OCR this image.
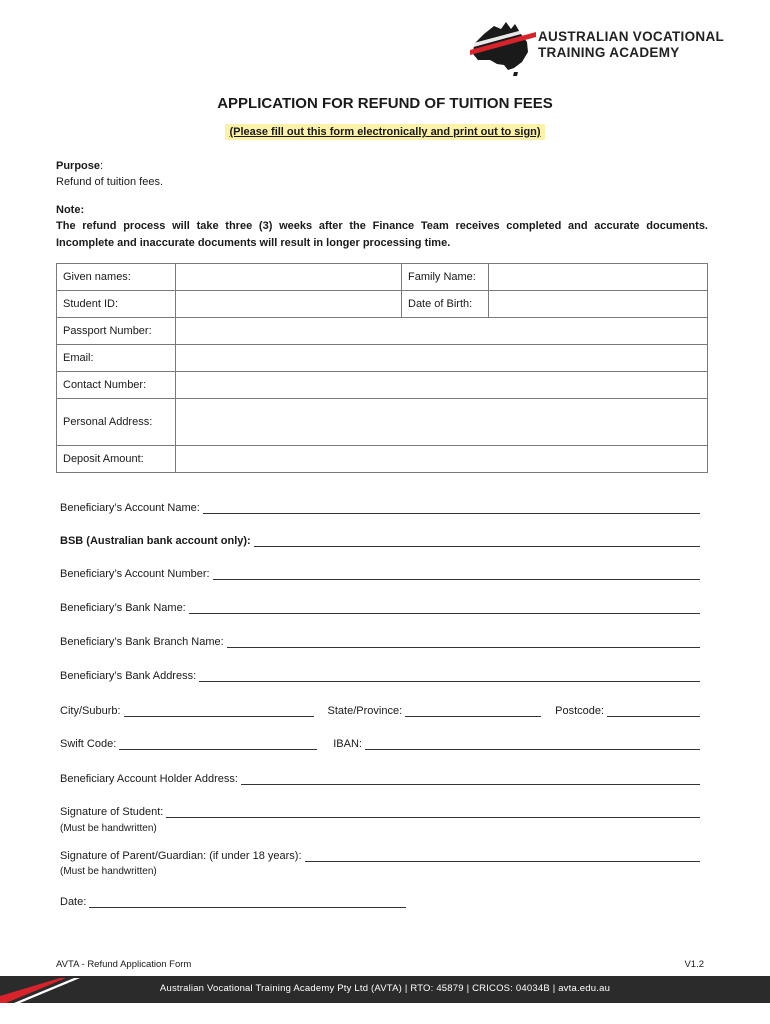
AUSTRALIAN VOCATIONAL
TRAINING ACADEMY
APPLICATION FOR REFUND OF TUITION FEES
(Please fill out this form electronically and print out to sign)
Purpose:
Refund of tuition fees.
Note:
The refund process will take three (3) weeks after the Finance Team receives completed and accurate documents. Incomplete and inaccurate documents will result in longer processing time.
Given names:		Family Name:	
Student ID:		Date of Birth:	
Passport Number:			
Email:			
Contact Number:			
Personal Address:			
Deposit Amount:			
Beneficiary’s Account Name:
BSB (Australian bank account only):
Beneficiary’s Account Number:
Beneficiary’s Bank Name:
Beneficiary’s Bank Branch Name:
Beneficiary’s Bank Address:
City/Suburb:	State/Province:	Postcode:
Swift Code:	IBAN:
Beneficiary Account Holder Address:
Signature of Student:
(Must be handwritten)
Signature of Parent/Guardian: (if under 18 years):
(Must be handwritten)
Date:
AVTA - Refund Application Form	V1.2
Australian Vocational Training Academy Pty Ltd (AVTA) | RTO: 45879 | CRICOS: 04034B | avta.edu.au
